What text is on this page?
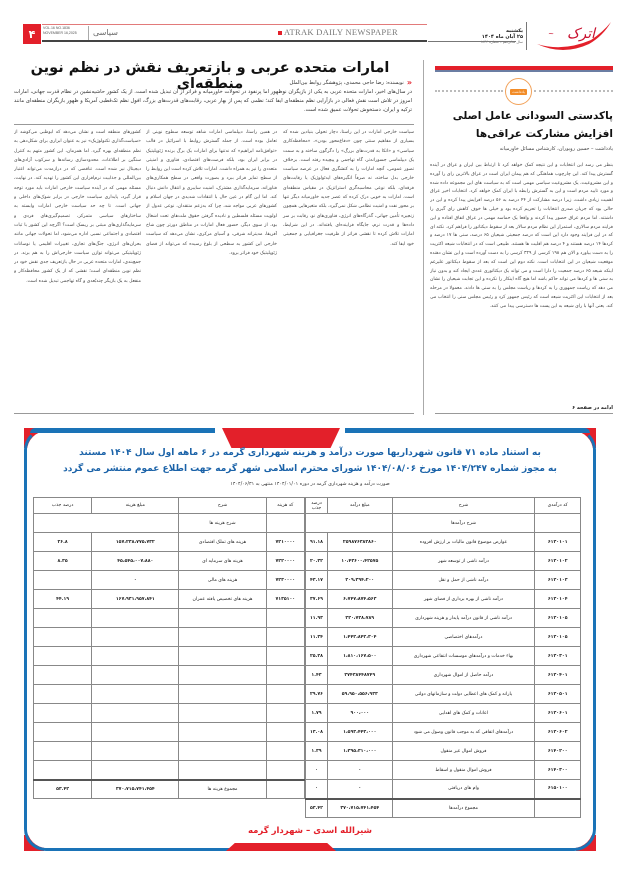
۴	VOL.16 NO.1836
NOVEMBER 16,2025	سیاسی	ATRAK DAILY NEWSPAPER	یکشنبه
۲۵ آبان ماه ۱۴۰۴
سال شانزدهم – شماره ۱۸۳۶	اترک
~
امارات متحده عربی و بازتعریف نقش در نظم نوین منطقه‌ای	«نویسنده: رضا حاجی محمدی، پژوهشگر روابط بین‌الملل

در سال‌های اخیر، امارات متحده عربی به یکی از بازیگران نوظهور اما پرنفوذ در تحولات خاورمیانه و فراتر از آن تبدیل شده است. از یک کشور حاشیه‌نشین در نظام قدرت جهانی، امارات امروز در تلاش است نقش فعالی در بازآرایی نظم منطقه‌ای ایفا کند؛ نظمی که پس از بهار عربی، رقابت‌های قدرت‌های بزرگ، افول نظم تک‌قطبی آمریکا و ظهور بازیگران منطقه‌ای مانند ترکیه و ایران، دستخوش تحولات عمیق شده است.

سیاست خارجی امارات در این راستا، دچار تحولی بنیادین شده که بسیاری از مفاهیم سنتی چون «دفاع‌محور بودن»، «محافظه‌کاری سیاسی» و «اتکا به قدرت‌های بزرگ» را دگرگون ساخته و به سمت یک دیپلماسی جسورانه‌تر، گاه تهاجمی و پیچیده رفته است. برخلاف تصور عمومی، آنچه امارات را به کنشگری فعال در عرصه سیاست خارجی بدل ساخته، نه صرفاً انگیزه‌های ایدئولوژیک یا رقابت‌های فرقه‌ای، بلکه نوعی محاسبه‌گری استراتژیک در مقیاس منطقه‌ای است. امارات به خوبی درک کرده که عصر جدید خاورمیانه دیگر تنها بر محور نفت و امنیت نظامی شکل نمی‌گیرد، بلکه متغیرهایی همچون زنجیره تأمین جهانی، گذرگاه‌های انرژی، فناوری‌های نو، رقابت بر سر داده‌ها و قدرت نرم، جایگاه فزاینده‌ای یافته‌اند. در این شرایط، امارات تلاش کرده تا نقشی فراتر از ظرفیت جغرافیایی و جمعیتی خود ایفا کند.

در همین راستا، دیپلماسی امارات شاهد توسعه سطوح نوینی از تعامل بوده است. از جمله گسترش روابط با اسرائیل در قالب «توافق‌نامه ابراهیم» که نه‌تنها برای امارات یک برگ برنده ژئوپلیتیک در برابر ایران بود، بلکه فرصت‌های اقتصادی، فناوری و امنیتی متعددی را نیز به همراه داشت. امارات تلاش کرده است این روابط را از سطح تمایز فراتر ببرد و بصورت واقعی در سطح همکاری‌های فناورانه، سرمایه‌گذاری مشترک، امنیت سایبری و انتقال دانش دنبال کند. اما این گام در عین حال با انتقادات شدیدی در جهان اسلام و کشورهای عربی مواجه شد، چرا که به‌زعم منتقدان، نوعی عدول از اولویت مسئله فلسطین و نادیده گرفتن حقوق ملت‌های تحت اشغال بود. از سوی دیگر، حضور فعال امارات در مناطق دورتر چون شاخ آفریقا، مدیترانه شرقی، و آسیای مرکزی، نشان می‌دهد که سیاست خارجی این کشور به سطحی از بلوغ رسیده که می‌تواند از فضای ژئوپلیتیک خود فراتر برود.

کشورهای منطقه است و نشان می‌دهد که ابوظبی می‌کوشد از «سیاست‌گذاری تکنولوژیک» نیز به عنوان ابزاری برای شکل‌دهی به نظم منطقه‌ای بهره گیرد. اما همزمان، این کشور متهم به کنترل سنگین بر اطلاعات، محدودسازی رسانه‌ها و سرکوب آزادی‌های دیجیتال نیز شده است. تناقضی که در درازمدت می‌تواند اعتبار بین‌المللی و جذابیت نرم‌افزاری این کشور را تهدید کند. در نهایت، مسئله مهمی که در آینده سیاست خارجی امارات باید مورد توجه قرار گیرد، پایداری سیاست خارجی در برابر شوک‌های داخلی و جهانی است. تا چه حد سیاست خارجی امارات وابسته به ساختارهای سیاسی متمرکز، تصمیم‌گیری‌های فردی و سرمایه‌گذاری‌های مبتنی بر ریسک است؟ اگرچه این کشور با ثبات اقتصادی و اجتماعی نسبی اداره می‌شود، اما تحولات جهانی مانند بحران‌های انرژی، جنگ‌های تجاری، تغییرات اقلیمی یا نوسانات ژئوپلیتیکی می‌تواند توازن سیاست خارجی‌اش را به هم بزند. در جمع‌بندی، امارات متحده عربی در حال بازتعریف جدی نقش خود در نظم نوین منطقه‌ای است؛ نقشی که از یک کشور محافظه‌کار و منفعل به یک بازیگر چندبُعدی و گاه تهاجمی تبدیل شده است.

یادداشت
پاکدستی السودانی عامل اصلی افزایش مشارکت عراقی‌ها
یادداشت – حسین رویوران، کارشناس مسائل خاورمیانه

بنظر می رسد این انتخابات و این نتیجه کمک خواهد کرد تا ارتباط بین ایران و عراق در آینده گسترش پیدا کند. این چارچوب هماهنگی که هم پیمان ایران است در عراق بالاترین رای را آورده و این مشروعیت، یک مشروعیت سیاسی مهمی است که به سیاست های این مجموعه داده شده و مورد تایید مردم است و این به گسترش رابطه با ایران کمک خواهد کرد. انتخابات اخیر عراق اهمیت زیادی داشت، زیرا درصد مشارکت از ۴۴ درصد به ۵۶ درصد افزایش پیدا کرده و این در حالی بود که جریان صدری انتخابات را تحریم کرده بود و خیلی ها خوف کاهش رای گیری را داشتند. اما مردم عراق حضور پیدا کردند و واقعا یک حماسه مهمی در عراق اتفاق افتاده و این فرایند مردم سالاری، استمرار این نظام مردم سالار بعد از سقوط دیکتاتور را فراهم کرد. نکته ای که در این فرایند وجود دارد این است که درصد جمعیتی شیعیان ۶۵ درصد، سنی ها ۱۷ درصد و کردها ۱۴ درصد هستند و ۴ درصد هم اقلیت ها هستند. طبیعی است که در انتخابات شیعه اکثریت را به دست بیاورد و الان هم ۱۹۸ کرسی از ۳۲۹ کرسی را به دست آورده است و این نشان دهنده موقعیت شیعیان در این انتخابات است. نکته دوم این است که بعد از سقوط دیکتاتور علیرغم اینکه شیعه ۶۵ درصد جمعیت را دارا است و می تواند یک دیکتاتوری عددی ایجاد کند و بدون نیاز به سنی ها و کردها می تواند حاکم باشد اما هیچ گاه اینکار را نکرده و این تجابت شیعیان را نشان می دهد که ریاست جمهوری را به کردها و ریاست مجلس را به سنی ها دادند. معمولا در مرحله بعد از انتخابات این اکثریت شیعه است که رئیس جمهور کرد و رئیس مجلس سنی را انتخاب می کند. یعنی آنها با رای شیعه به این پست ها دسترسی پیدا می کنند.

ادامه در صفحه ۶
به استناد ماده ۷۱ قانون شهرداریها صورت درآمد و هزینه شهرداری گرمه در ۶ ماهه اول سال ۱۴۰۴ مستند
به مجوز شماره ۱۴۰۴/۲۴۷ مورخ ۱۴۰۴/۰۸/۰۶ شورای محترم اسلامی شهر گرمه جهت اطلاع عموم منتشر می گردد
صورت درآمد و هزینه شهرداری گرمه در دوره ۱۴۰۴/۰۱/۰۱ منتهی به ۱۴۰۴/۰۶/۳۱
کد درآمدی	شرح	مبلغ درآمد	درصد جذب
	شرح درآمدها		
۶۱۳۰۱۰۱	عوارض موضوع قانون مالیات بر ارزش افزوده	۲۵۹۸۷۶۳۸۲۸۶۰	۹۱.۱۸
۶۱۳۰۱۰۲	درآمد ناشی از توسعه شهر	۱۰،۴۳۶۰۰،۴۲۵۷۵	۲۰.۳۲
۶۱۳۰۱۰۳	درآمد ناشی از حمل و نقل	۲۰۹،۳۹۴،۲۰۰	۴۳.۱۷
۶۱۳۰۱۰۴	درآمد ناشی از بهره برداری از فضای شهر	۶،۷۴۷،۸۷۴،۵۶۳	۳۷.۶۹
۶۱۳۰۱۰۵	درآمد ناشی از قانون درآمد پایدار و هزینه شهرداری	۲۲۰،۷۲۸،۷۸۹	۱۱.۹۳
۶۱۳۰۱۰۵	درآمدهای اختصاصی	۱،۴۴۲،۸۴۲،۳۰۴	۱۱.۳۴
۶۱۳۰۳۰۱	بهاء خدمات و درآمدهای موسسات انتفاعی شهرداری	۱،۸۱۰،۱۶۷،۵۰۰	۲۵.۲۸
۶۱۳۰۴۰۱	درآمد حاصل از اموال شهرداری	۲۷۴۳۸۴۴۸۷۴۹	۱.۴۳
۶۱۳۰۵۰۱	یارانه و کمک های اعطایی دولت و سازمانهای دولتی	۵۹،۹۵۰،۵۵۶،۹۳۳	۲۹.۷۶
۶۱۳۰۶۰۱	اعانات و کمک های اهدایی	۹۰۰،۰۰۰	۱.۷۹
۶۱۳۰۶۰۲	درآمدهای اتفاقی که به موجب قانون وصول می شود	۱،۵۹۳،۴۴۳،۰۰۰	۱۳.۰۸
۶۱۴۰۲۰۰	فروش اموال غیر منقول	۱،۳۹۵،۳۱۰،۰۰۰	۱.۳۹
۶۱۴۰۳۰۰	فروش اموال منقول و اسقاط	۰	۰
۶۱۵۰۱۰۰	وام های دریافتی	۰	۰
	مجموع درآمدها	۳۷۰،۷۱۵،۷۴۱،۴۵۴	۵۳.۴۲
کد هزینه	شرح	مبلغ هزینه	درصد جذب
	شرح هزینه ها		
۷۲۱۰۰۰۰	هزینه های تملک اقتصادی	۱۵۷،۲۳۸،۷۷۵،۷۳۲	۲۶.۸
۷۲۲۰۰۰۰	هزینه های سرمایه ای	۴۵،۵۴۵،۰۰۷،۸۸۰	۸.۳۵
۷۲۳۰۰۰۰	هزینه های مالی	۰	
۷۱۳۵۱۰۰	هزینه های تخصیص یافته عمران	۱۶۷،۹۳۱،۹۵۷،۸۴۱	۴۴.۱۹

	مجموع هزینه ها	۳۷۰،۷۱۵،۷۴۱،۴۵۴	۵۳.۴۲
شیرالله اسدی – شهردار گرمه
